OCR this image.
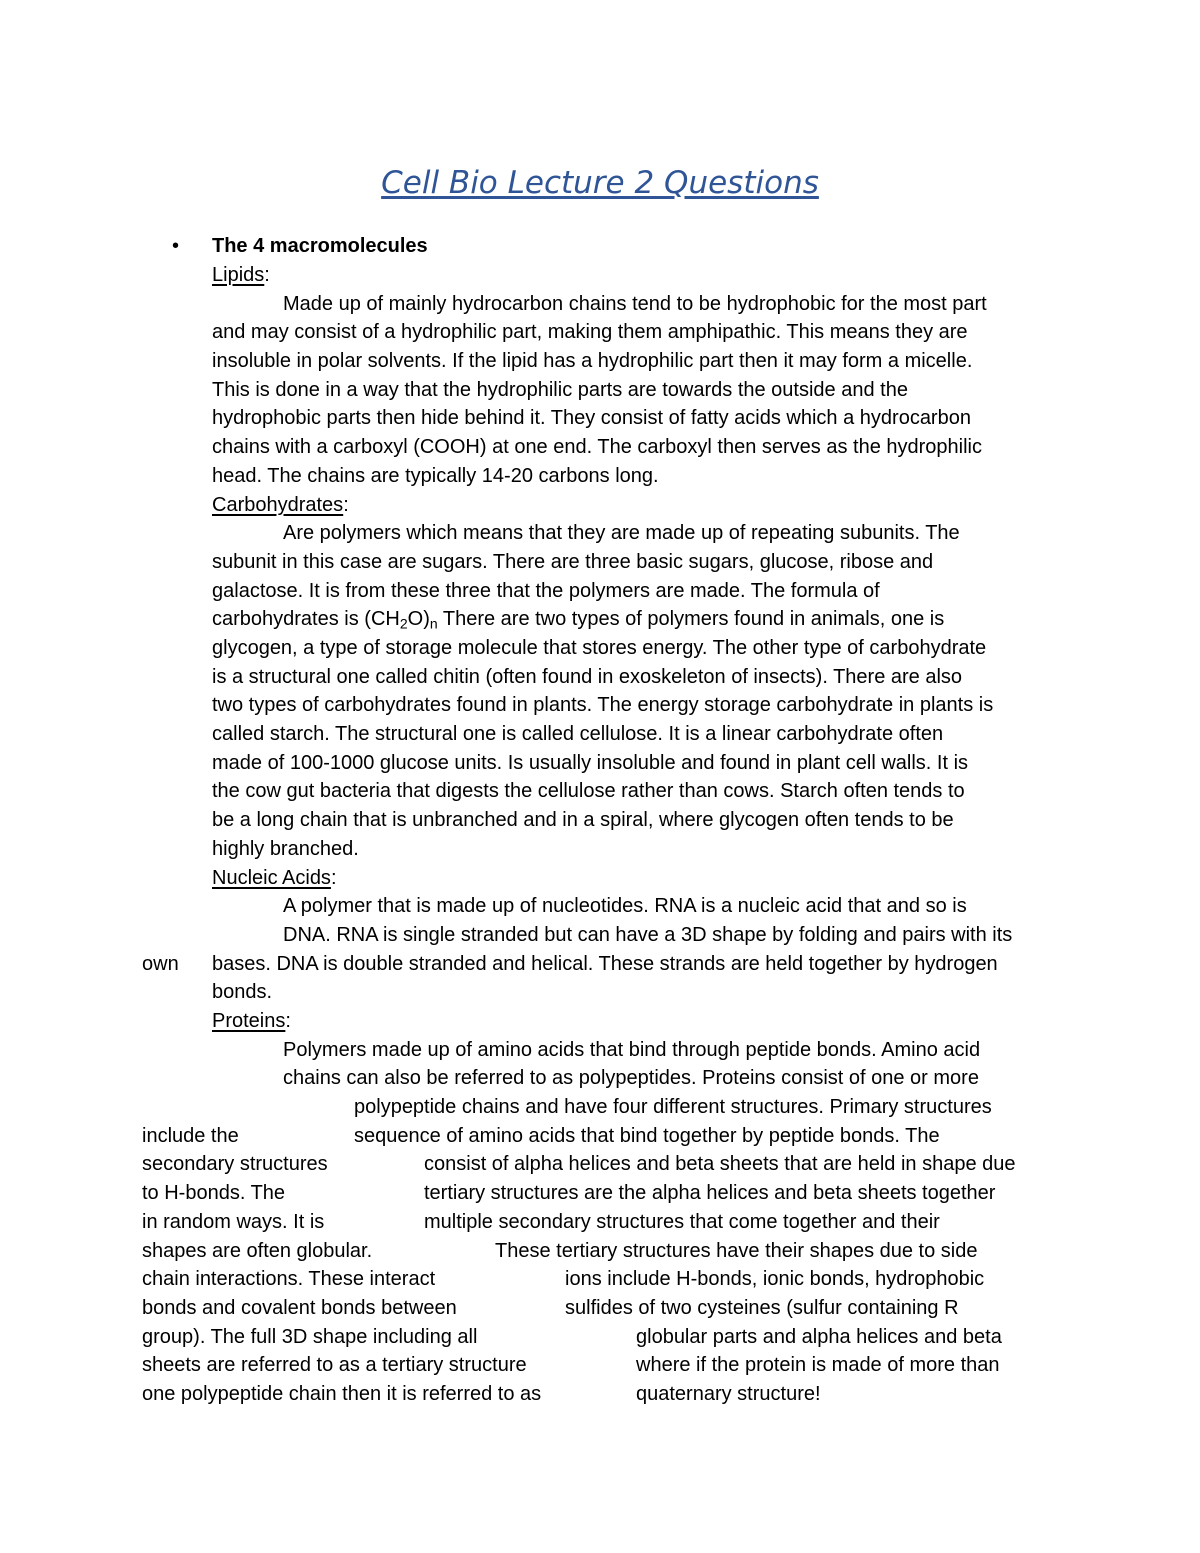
Cell Bio Lecture 2 Questions
• The 4 macromolecules
Lipids:
Made up of mainly hydrocarbon chains tend to be hydrophobic for the most part
and may consist of a hydrophilic part, making them amphipathic. This means they are
insoluble in polar solvents. If the lipid has a hydrophilic part then it may form a micelle.
This is done in a way that the hydrophilic parts are towards the outside and the
hydrophobic parts then hide behind it. They consist of fatty acids which a hydrocarbon
chains with a carboxyl (COOH) at one end. The carboxyl then serves as the hydrophilic
head. The chains are typically 14-20 carbons long.
Carbohydrates:
Are polymers which means that they are made up of repeating subunits. The
subunit in this case are sugars. There are three basic sugars, glucose, ribose and
galactose. It is from these three that the polymers are made. The formula of
carbohydrates is $(CH_2O)_n$ There are two types of polymers found in animals, one is
glycogen, a type of storage molecule that stores energy. The other type of carbohydrate
is a structural one called chitin (often found in exoskeleton of insects). There are also
two types of carbohydrates found in plants. The energy storage carbohydrate in plants is
called starch. The structural one is called cellulose. It is a linear carbohydrate often
made of 100-1000 glucose units. Is usually insoluble and found in plant cell walls. It is
the cow gut bacteria that digests the cellulose rather than cows. Starch often tends to
be a long chain that is unbranched and in a spiral, where glycogen often tends to be
highly branched.
Nucleic Acids:
A polymer that is made up of nucleotides. RNA is a nucleic acid that and so is
DNA. RNA is single stranded but can have a 3D shape by folding and pairs with its
own bases. DNA is double stranded and helical. These strands are held together by hydrogen
bonds.
Proteins:
Polymers made up of amino acids that bind through peptide bonds. Amino acid
chains can also be referred to as polypeptides. Proteins consist of one or more
polypeptide chains and have four different structures. Primary structures
include the	sequence of amino acids that bind together by peptide bonds. The
secondary structures	consist of alpha helices and beta sheets that are held in shape due
to H-bonds. The	tertiary structures are the alpha helices and beta sheets together
in random ways. It is	multiple secondary structures that come together and their
shapes are often globular.	These tertiary structures have their shapes due to side
chain interactions. These interact	ions include H-bonds, ionic bonds, hydrophobic
bonds and covalent bonds between	sulfides of two cysteines (sulfur containing R
group). The full 3D shape including all	globular parts and alpha helices and beta
sheets are referred to as a tertiary structure	where if the protein is made of more than
one polypeptide chain then it is referred to as	quaternary structure!
